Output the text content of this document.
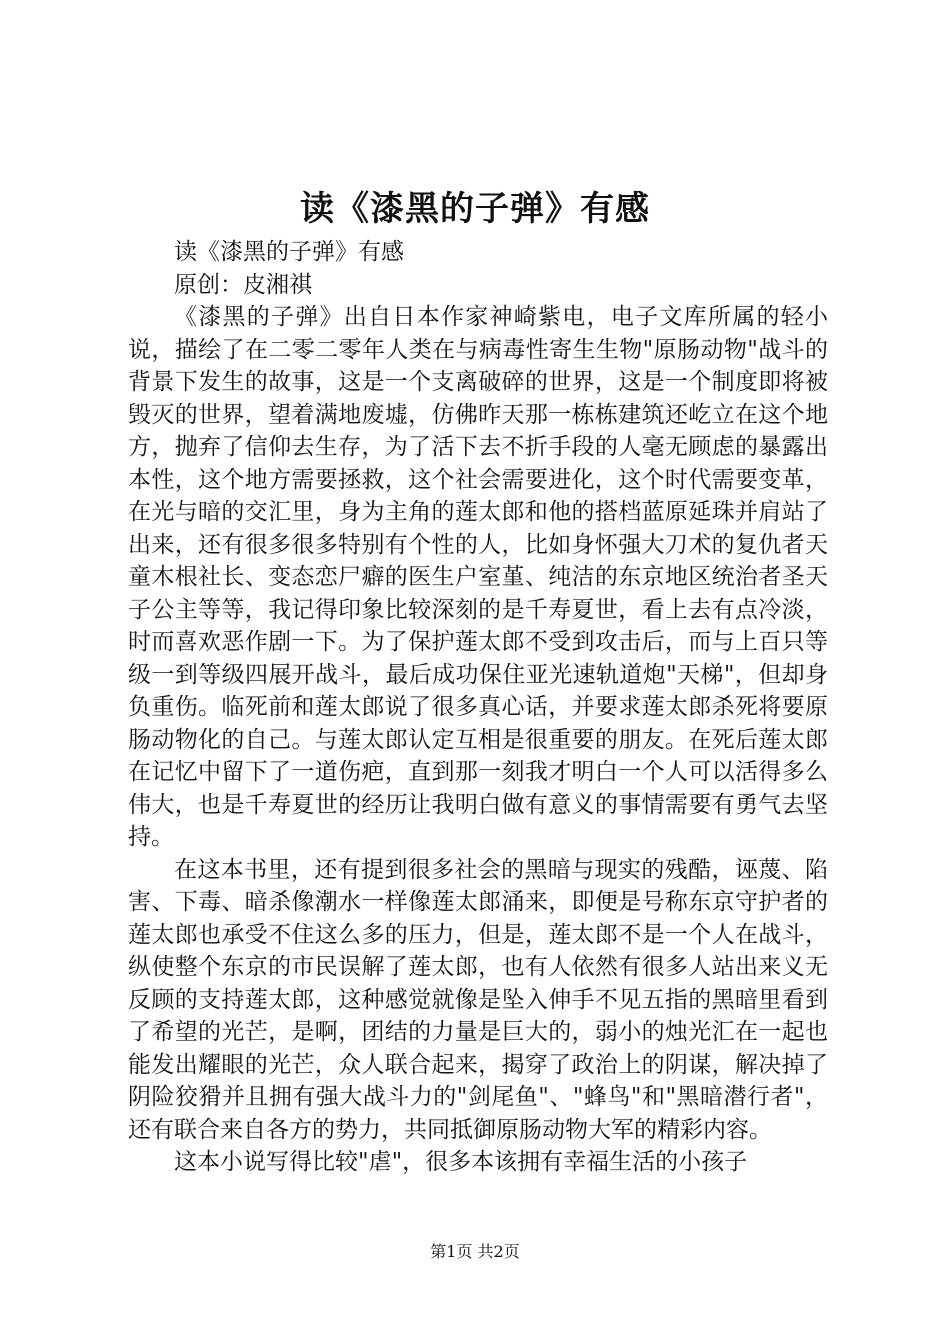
读《漆黑的子弹》有感

读《漆黑的子弹》有感

原创：皮湘祺

《漆黑的子弹》出自日本作家神崎紫电，电子文库所属的轻小说，描绘了在二零二零年人类在与病毒性寄生生物"原肠动物"战斗的背景下发生的故事，这是一个支离破碎的世界，这是一个制度即将被毁灭的世界，望着满地废墟，仿佛昨天那一栋栋建筑还屹立在这个地方，抛弃了信仰去生存，为了活下去不折手段的人毫无顾虑的暴露出本性，这个地方需要拯救，这个社会需要进化，这个时代需要变革，在光与暗的交汇里，身为主角的莲太郎和他的搭档蓝原延珠并肩站了出来，还有很多很多特别有个性的人，比如身怀强大刀术的复仇者天童木根社长、变态恋尸癖的医生户室堇、纯洁的东京地区统治者圣天子公主等等，我记得印象比较深刻的是千寿夏世，看上去有点冷淡，时而喜欢恶作剧一下。为了保护莲太郎不受到攻击后，而与上百只等级一到等级四展开战斗，最后成功保住亚光速轨道炮"天梯"，但却身负重伤。临死前和莲太郎说了很多真心话，并要求莲太郎杀死将要原肠动物化的自己。与莲太郎认定互相是很重要的朋友。在死后莲太郎在记忆中留下了一道伤疤，直到那一刻我才明白一个人可以活得多么伟大，也是千寿夏世的经历让我明白做有意义的事情需要有勇气去坚持。

在这本书里，还有提到很多社会的黑暗与现实的残酷，诬蔑、陷害、下毒、暗杀像潮水一样像莲太郎涌来，即便是号称东京守护者的莲太郎也承受不住这么多的压力，但是，莲太郎不是一个人在战斗，纵使整个东京的市民误解了莲太郎，也有人依然有很多人站出来义无反顾的支持莲太郎，这种感觉就像是坠入伸手不见五指的黑暗里看到了希望的光芒，是啊，团结的力量是巨大的，弱小的烛光汇在一起也能发出耀眼的光芒，众人联合起来，揭穿了政治上的阴谋，解决掉了阴险狡猾并且拥有强大战斗力的"剑尾鱼"、"蜂鸟"和"黑暗潜行者"，还有联合来自各方的势力，共同抵御原肠动物大军的精彩内容。

这本小说写得比较"虐"，很多本该拥有幸福生活的小孩子

第1页 共2页
